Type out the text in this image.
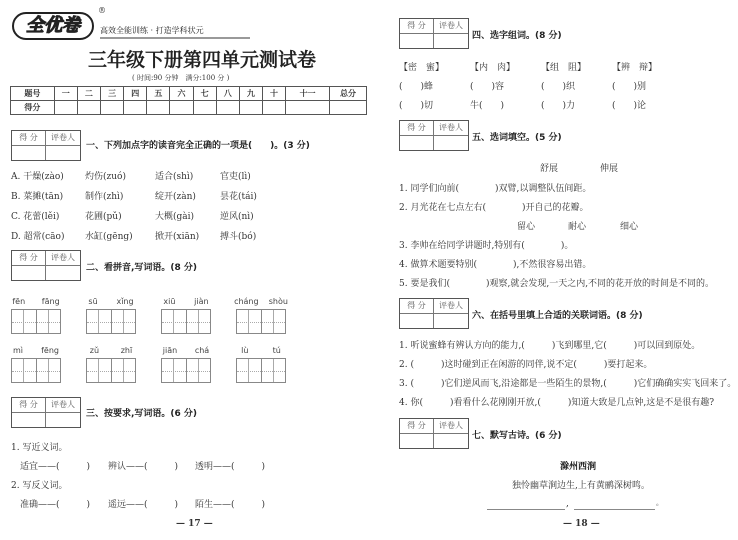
全优卷
®
高效全能训练 · 打造学科状元
三年级下册第四单元测试卷
( 时间:90 分钟　满分:100 分 )
题号	一	二	三	四	五	六	七	八	九	十	十一	总分
得分												
得 分	评卷人
一、下列加点字的读音完全正确的一项是(　　)。(3 分)
A. 干燥(zào) 灼伤(zuó)	适合(shì)	官吏(lì)
B. 菜摊(tān) 制作(zhì)	绽开(zàn)	昙花(tái)
C. 花蕾(lěi)	花圃(pǔ)	大概(gài)	逆风(nì)
D. 超常(cāo) 水缸(gēng) 掀开(xiān) 搏斗(bó)
得 分	评卷人
二、看拼音,写词语。(8 分)
fēn fāng	sū xǐng	xiū jiàn	cháng shòu
mì fēng	zǔ	zhī	jiān chá	lù	tú
得 分	评卷人
三、按要求,写词语。(6 分)
1. 写近义词。
适宜——(　　　) 辨认——(　　　) 透明——(　　　)
2. 写反义词。
准确——(　　　) 遥远——(　　　) 陌生——(　　　)
— 17 —
得 分	评卷人
四、选字组词。(8 分)
【密　蜜】
(　　)蜂
(　　)切
【内　肉】
(　　)容
牛(　　)
【组　阻】
(　　)织
(　　)力
【辨　辩】
(　　)别
(　　)论
得 分	评卷人
五、选词填空。(5 分)
舒展	伸展
1. 同学们向前(　　　　)双臂,以调整队伍间距。
2. 月光花在七点左右(　　　　)开自己的花瓣。
留心	耐心	细心
3. 李帅在给同学讲题时,特别有(　　　　)。
4. 做算术题要特别(　　　　),不然很容易出错。
5. 要是我们(　　　　)观察,就会发现,一天之内,不同的花开放的时间是不同的。
得 分	评卷人
六、在括号里填上合适的关联词语。(8 分)
1. 听说蜜蜂有辨认方向的能力,(　　　)飞到哪里,它(　　　)可以回到原处。
2. (　　　)这时碰到正在闲游的同伴,说不定(　　　)要打起来。
3. (　　　)它们逆风而飞,沿途都是一些陌生的景物,(　　　)它们确确实实飞回来了。
4. 你(　　　)看看什么花刚刚开放,(　　　)知道大致是几点钟,这是不是很有趣?
得 分	评卷人
七、默写古诗。(6 分)
滁州西涧
独怜幽草涧边生,上有黄鹂深树鸣。
,	。
— 18 —
